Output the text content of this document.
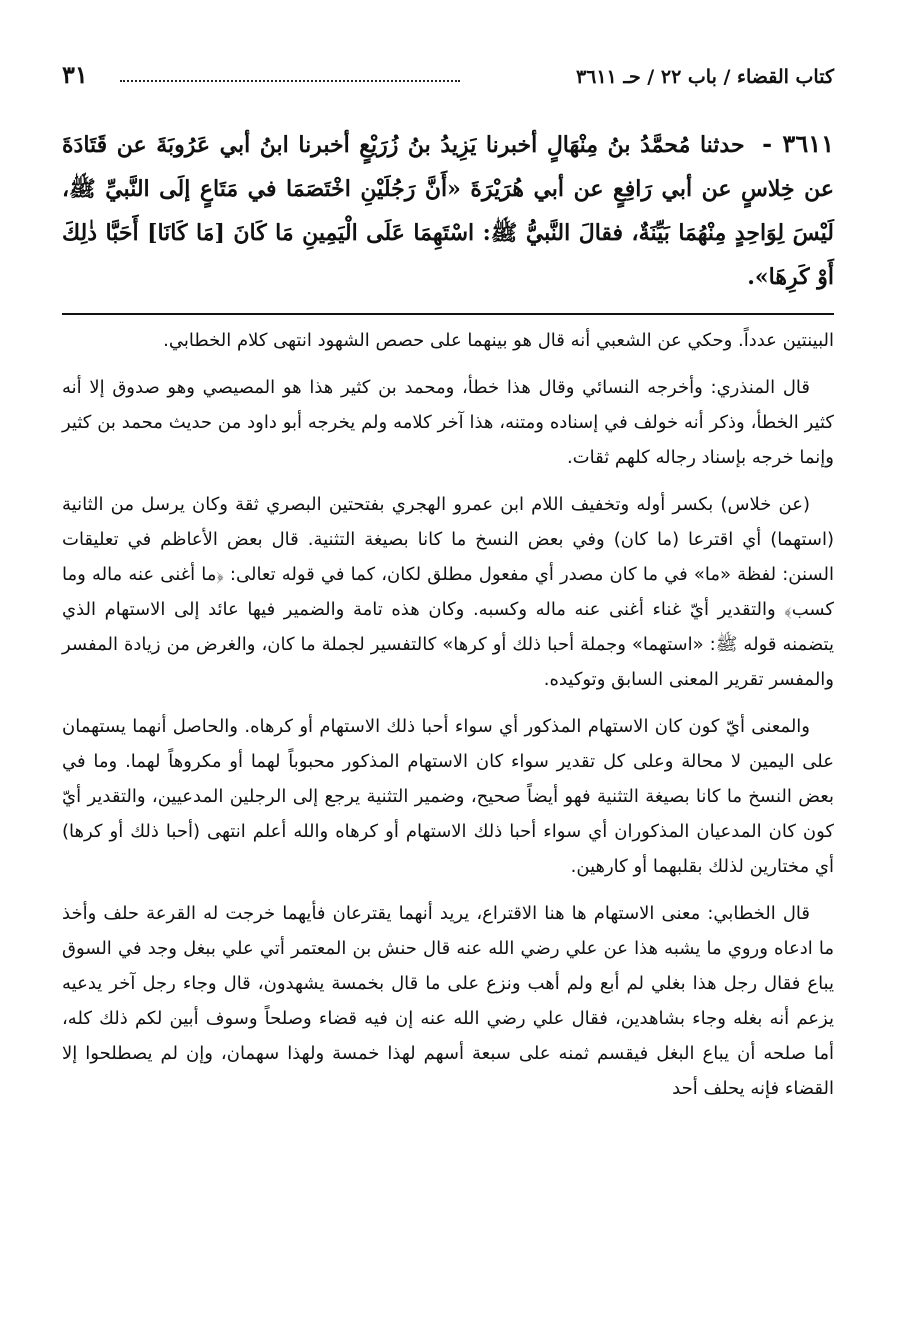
كتاب القضاء / باب ٢٢ / حـ ٣٦١١
٣١
٣٦١١ - حدثنا مُحمَّدُ بنُ مِنْهَالٍ أخبرنا يَزِيدُ بنُ زُرَيْعٍ أخبرنا ابنُ أبي عَرُوبَةَ عن قَتَادَةَ عن خِلاسٍ عن أبي رَافِعٍ عن أبي هُرَيْرَةَ «أَنَّ رَجُلَيْنِ اخْتَصَمَا في مَتَاعٍ إلَى النَّبيِّ ﷺ، لَيْسَ لِوَاحِدٍ مِنْهُمَا بَيِّنَةٌ، فقالَ النَّبيُّ ﷺ: اسْتَهِمَا عَلَى الْيَمِينِ مَا كَانَ [مَا كَانَا] أَحَبَّا ذٰلِكَ أَوْ كَرِهَا».

البينتين عدداً. وحكي عن الشعبي أنه قال هو بينهما على حصص الشهود انتهى كلام الخطابي.

قال المنذري: وأخرجه النسائي وقال هذا خطأ، ومحمد بن كثير هذا هو المصيصي وهو صدوق إلا أنه كثير الخطأ، وذكر أنه خولف في إسناده ومتنه، هذا آخر كلامه ولم يخرجه أبو داود من حديث محمد بن كثير وإنما خرجه بإسناد رجاله كلهم ثقات.

(عن خلاس) بكسر أوله وتخفيف اللام ابن عمرو الهجري بفتحتين البصري ثقة وكان يرسل من الثانية (استهما) أي اقترعا (ما كان) وفي بعض النسخ ما كانا بصيغة التثنية. قال بعض الأعاظم في تعليقات السنن: لفظة «ما» في ما كان مصدر أي مفعول مطلق لكان، كما في قوله تعالى: ﴿ما أغنى عنه ماله وما كسب﴾ والتقدير أيّ غناء أغنى عنه ماله وكسبه. وكان هذه تامة والضمير فيها عائد إلى الاستهام الذي يتضمنه قوله ﷺ: «استهما» وجملة أحبا ذلك أو كرها» كالتفسير لجملة ما كان، والغرض من زيادة المفسر والمفسر تقرير المعنى السابق وتوكيده.

والمعنى أيّ كون كان الاستهام المذكور أي سواء أحبا ذلك الاستهام أو كرهاه. والحاصل أنهما يستهمان على اليمين لا محالة وعلى كل تقدير سواء كان الاستهام المذكور محبوباً لهما أو مكروهاً لهما. وما في بعض النسخ ما كانا بصيغة التثنية فهو أيضاً صحيح، وضمير التثنية يرجع إلى الرجلين المدعيين، والتقدير أيّ كون كان المدعيان المذكوران أي سواء أحبا ذلك الاستهام أو كرهاه والله أعلم انتهى (أحبا ذلك أو كرها) أي مختارين لذلك بقلبهما أو كارهين.

قال الخطابي: معنى الاستهام ها هنا الاقتراع، يريد أنهما يقترعان فأيهما خرجت له القرعة حلف وأخذ ما ادعاه وروي ما يشبه هذا عن علي رضي الله عنه قال حنش بن المعتمر أتي علي ببغل وجد في السوق يباع فقال رجل هذا بغلي لم أبع ولم أهب ونزع على ما قال بخمسة يشهدون، قال وجاء رجل آخر يدعيه يزعم أنه بغله وجاء بشاهدين، فقال علي رضي الله عنه إن فيه قضاء وصلحاً وسوف أبين لكم ذلك كله، أما صلحه أن يباع البغل فيقسم ثمنه على سبعة أسهم لهذا خمسة ولهذا سهمان، وإن لم يصطلحوا إلا القضاء فإنه يحلف أحد
